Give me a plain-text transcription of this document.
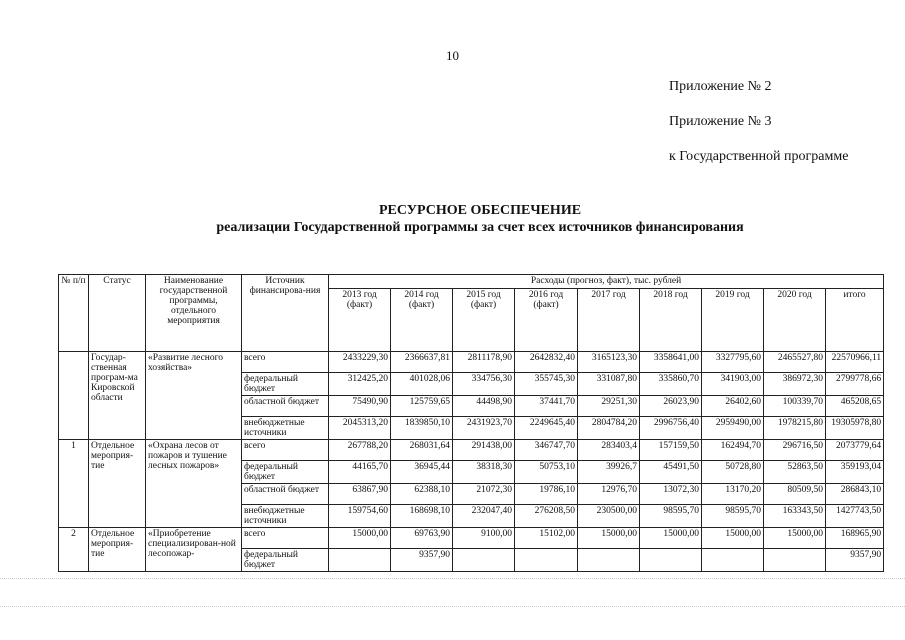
10
Приложение № 2
Приложение № 3
к Государственной программе
РЕСУРСНОЕ ОБЕСПЕЧЕНИЕ
реализации Государственной программы за счет всех источников финансирования
№ п/п	Статус	Наименование государственной программы, отдельного мероприятия	Источник финансирова-ния	Расходы (прогноз, факт), тыс. рублей								
				2013 год (факт)	2014 год (факт)	2015 год (факт)	2016 год (факт)	2017 год	2018 год	2019 год	2020 год	итого
	Государ-ственная програм-ма Кировской области	«Развитие лесного хозяйства»	всего	2433229,30	2366637,81	2811178,90	2642832,40	3165123,30	3358641,00	3327795,60	2465527,80	22570966,11
			федеральный бюджет	312425,20	401028,06	334756,30	355745,30	331087,80	335860,70	341903,00	386972,30	2799778,66
			областной бюджет	75490,90	125759,65	44498,90	37441,70	29251,30	26023,90	26402,60	100339,70	465208,65
			внебюджетные источники	2045313,20	1839850,10	2431923,70	2249645,40	2804784,20	2996756,40	2959490,00	1978215,80	19305978,80
1	Отдельное мероприя-тие	«Охрана лесов от пожаров и тушение лесных пожаров»	всего	267788,20	268031,64	291438,00	346747,70	283403,4	157159,50	162494,70	296716,50	2073779,64
			федеральный бюджет	44165,70	36945,44	38318,30	50753,10	39926,7	45491,50	50728,80	52863,50	359193,04
			областной бюджет	63867,90	62388,10	21072,30	19786,10	12976,70	13072,30	13170,20	80509,50	286843,10
			внебюджетные источники	159754,60	168698,10	232047,40	276208,50	230500,00	98595,70	98595,70	163343,50	1427743,50
2	Отдельное мероприя-тие	«Приобретение специализирован-ной лесопожар-	всего	15000,00	69763,90	9100,00	15102,00	15000,00	15000,00	15000,00	15000,00	168965,90
			федеральный бюджет		9357,90							9357,90
